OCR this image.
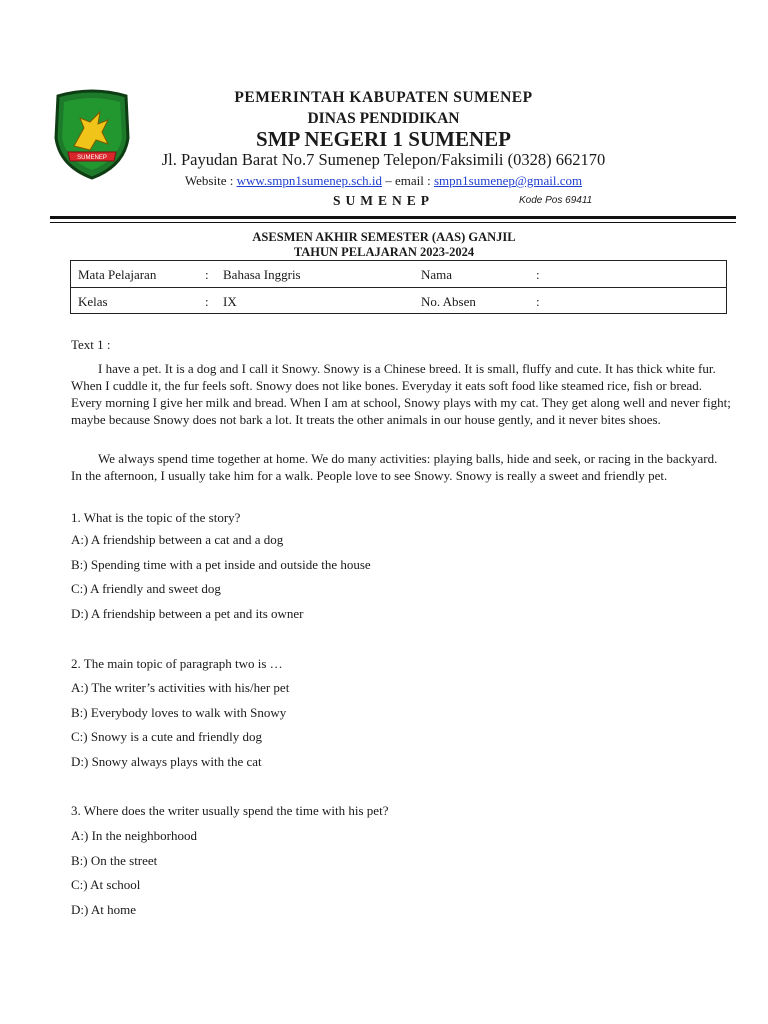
SUMENEP
PEMERINTAH KABUPATEN SUMENEP
DINAS PENDIDIKAN
SMP NEGERI 1 SUMENEP
Jl. Payudan Barat No.7 Sumenep Telepon/Faksimili (0328) 662170
Website : www.smpn1sumenep.sch.id – email : smpn1sumenep@gmail.com
SUMENEP	Kode Pos 69411
ASESMEN AKHIR SEMESTER (AAS) GANJIL
TAHUN PELAJARAN 2023-2024
Mata Pelajaran	: Bahasa Inggris	Nama	:
Kelas	: IX	No. Absen	:
Text 1 :
I have a pet. It is a dog and I call it Snowy. Snowy is a Chinese breed. It is small, fluffy and cute. It has thick white fur. When I cuddle it, the fur feels soft. Snowy does not like bones. Everyday it eats soft food like steamed rice, fish or bread. Every morning I give her milk and bread. When I am at school, Snowy plays with my cat. They get along well and never fight; maybe because Snowy does not bark a lot. It treats the other animals in our house gently, and it never bites shoes.
We always spend time together at home. We do many activities: playing balls, hide and seek, or racing in the backyard. In the afternoon, I usually take him for a walk. People love to see Snowy. Snowy is really a sweet and friendly pet.
1. What is the topic of the story?
A:) A friendship between a cat and a dog
B:) Spending time with a pet inside and outside the house
C:) A friendly and sweet dog
D:) A friendship between a pet and its owner
2. The main topic of paragraph two is …
A:) The writer’s activities with his/her pet
B:) Everybody loves to walk with Snowy
C:) Snowy is a cute and friendly dog
D:) Snowy always plays with the cat
3. Where does the writer usually spend the time with his pet?
A:) In the neighborhood
B:) On the street
C:) At school
D:) At home
